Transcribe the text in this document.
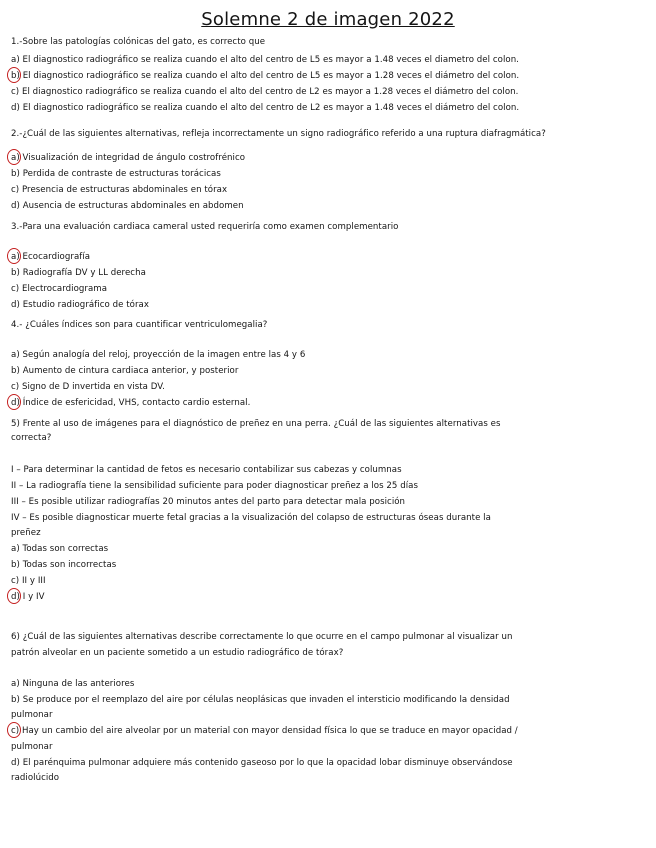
Solemne 2 de imagen 2022

1.-Sobre las patologías colónicas del gato, es correcto que

a) El diagnostico radiográfico se realiza cuando el alto del centro de L5 es mayor a 1.48 veces el diametro del colon.

b) El diagnostico radiográfico se realiza cuando el alto del centro de L5 es mayor a 1.28 veces el diámetro del colon.

c) El diagnostico radiográfico se realiza cuando el alto del centro de L2 es mayor a 1.28 veces el diámetro del colon.

d) El diagnostico radiográfico se realiza cuando el alto del centro de L2 es mayor a 1.48 veces el diámetro del colon.

2.-¿Cuál de las siguientes alternativas, refleja incorrectamente un signo radiográfico referido a una ruptura diafragmática?

a) Visualización de integridad de ángulo costrofrénico

b) Perdida de contraste de estructuras torácicas

c) Presencia de estructuras abdominales en tórax

d) Ausencia de estructuras abdominales en abdomen

3.-Para una evaluación cardiaca cameral usted requeriría como examen complementario

a) Ecocardiografía

b) Radiografía DV y LL derecha

c) Electrocardiograma

d) Estudio radiográfico de tórax

4.- ¿Cuáles índices son para cuantificar ventriculomegalia?

a) Según analogía del reloj, proyección de la imagen entre las 4 y 6

b) Aumento de cintura cardiaca anterior, y posterior

c) Signo de D invertida en vista DV.

d) Índice de esfericidad, VHS, contacto cardio esternal.

5) Frente al uso de imágenes para el diagnóstico de preñez en una perra. ¿Cuál de las siguientes alternativas es

correcta?

I – Para determinar la cantidad de fetos es necesario contabilizar sus cabezas y columnas

II – La radiografía tiene la sensibilidad suficiente para poder diagnosticar preñez a los 25 días

III – Es posible utilizar radiografías 20 minutos antes del parto para detectar mala posición

IV – Es posible diagnosticar muerte fetal gracias a la visualización del colapso de estructuras óseas durante la

preñez

a) Todas son correctas

b) Todas son incorrectas

c) II y III

d) I y IV

6) ¿Cuál de las siguientes alternativas describe correctamente lo que ocurre en el campo pulmonar al visualizar un

patrón alveolar en un paciente sometido a un estudio radiográfico de tórax?

a) Ninguna de las anteriores

b) Se produce por el reemplazo del aire por células neoplásicas que invaden el intersticio modificando la densidad

pulmonar

c) Hay un cambio del aire alveolar por un material con mayor densidad física lo que se traduce en mayor opacidad /

pulmonar

d) El parénquima pulmonar adquiere más contenido gaseoso por lo que la opacidad lobar disminuye observándose

radiolúcido
